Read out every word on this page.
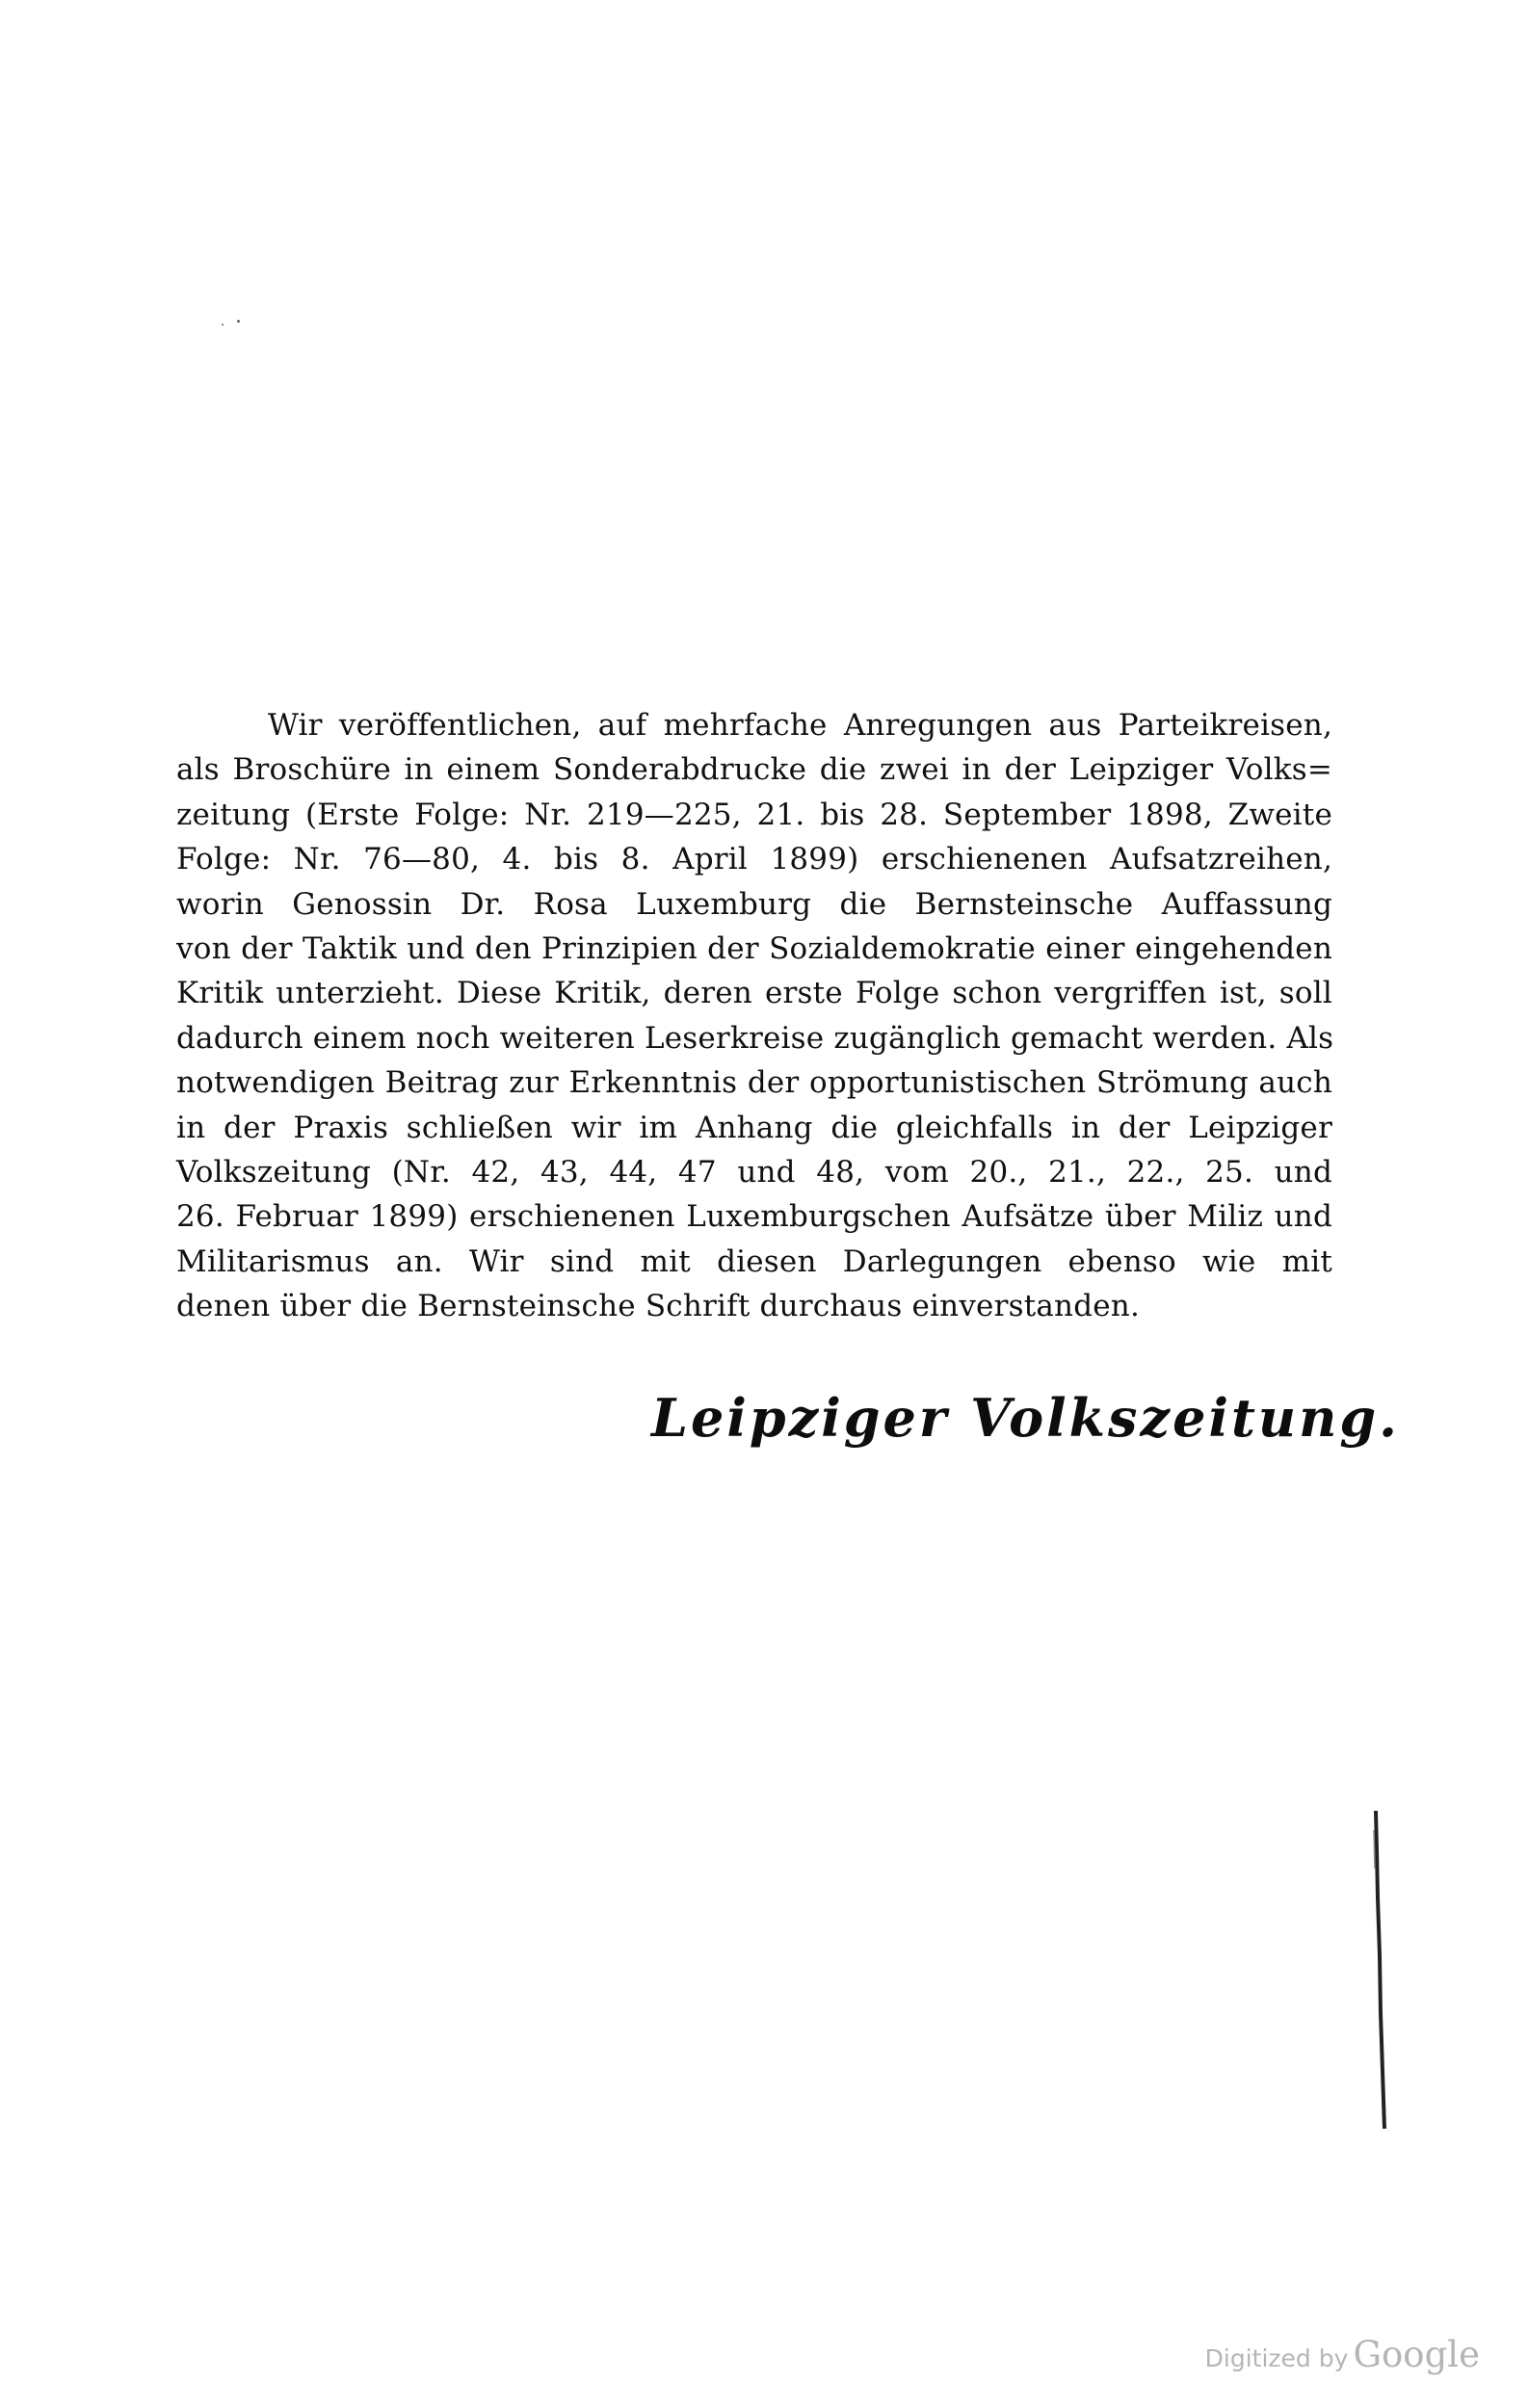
Wir veröffentlichen, auf mehrfache Anregungen aus Parteikreisen,
als Broschüre in einem Sonderabdrucke die zwei in der Leipziger Volks=
zeitung (Erste Folge: Nr. 219—225, 21. bis 28. September 1898, Zweite
Folge: Nr. 76—80, 4. bis 8. April 1899) erschienenen Aufsatzreihen,
worin Genossin Dr. Rosa Luxemburg die Bernsteinsche Auffassung
von der Taktik und den Prinzipien der Sozialdemokratie einer eingehenden
Kritik unterzieht. Diese Kritik, deren erste Folge schon vergriffen ist, soll
dadurch einem noch weiteren Leserkreise zugänglich gemacht werden. Als
notwendigen Beitrag zur Erkenntnis der opportunistischen Strömung auch
in der Praxis schließen wir im Anhang die gleichfalls in der Leipziger
Volkszeitung (Nr. 42, 43, 44, 47 und 48, vom 20., 21., 22., 25. und
26. Februar 1899) erschienenen Luxemburgschen Aufsätze über Miliz und
Militarismus an. Wir sind mit diesen Darlegungen ebenso wie mit
denen über die Bernsteinsche Schrift durchaus einverstanden.
Leipziger Volkszeitung.
Digitized by Google
